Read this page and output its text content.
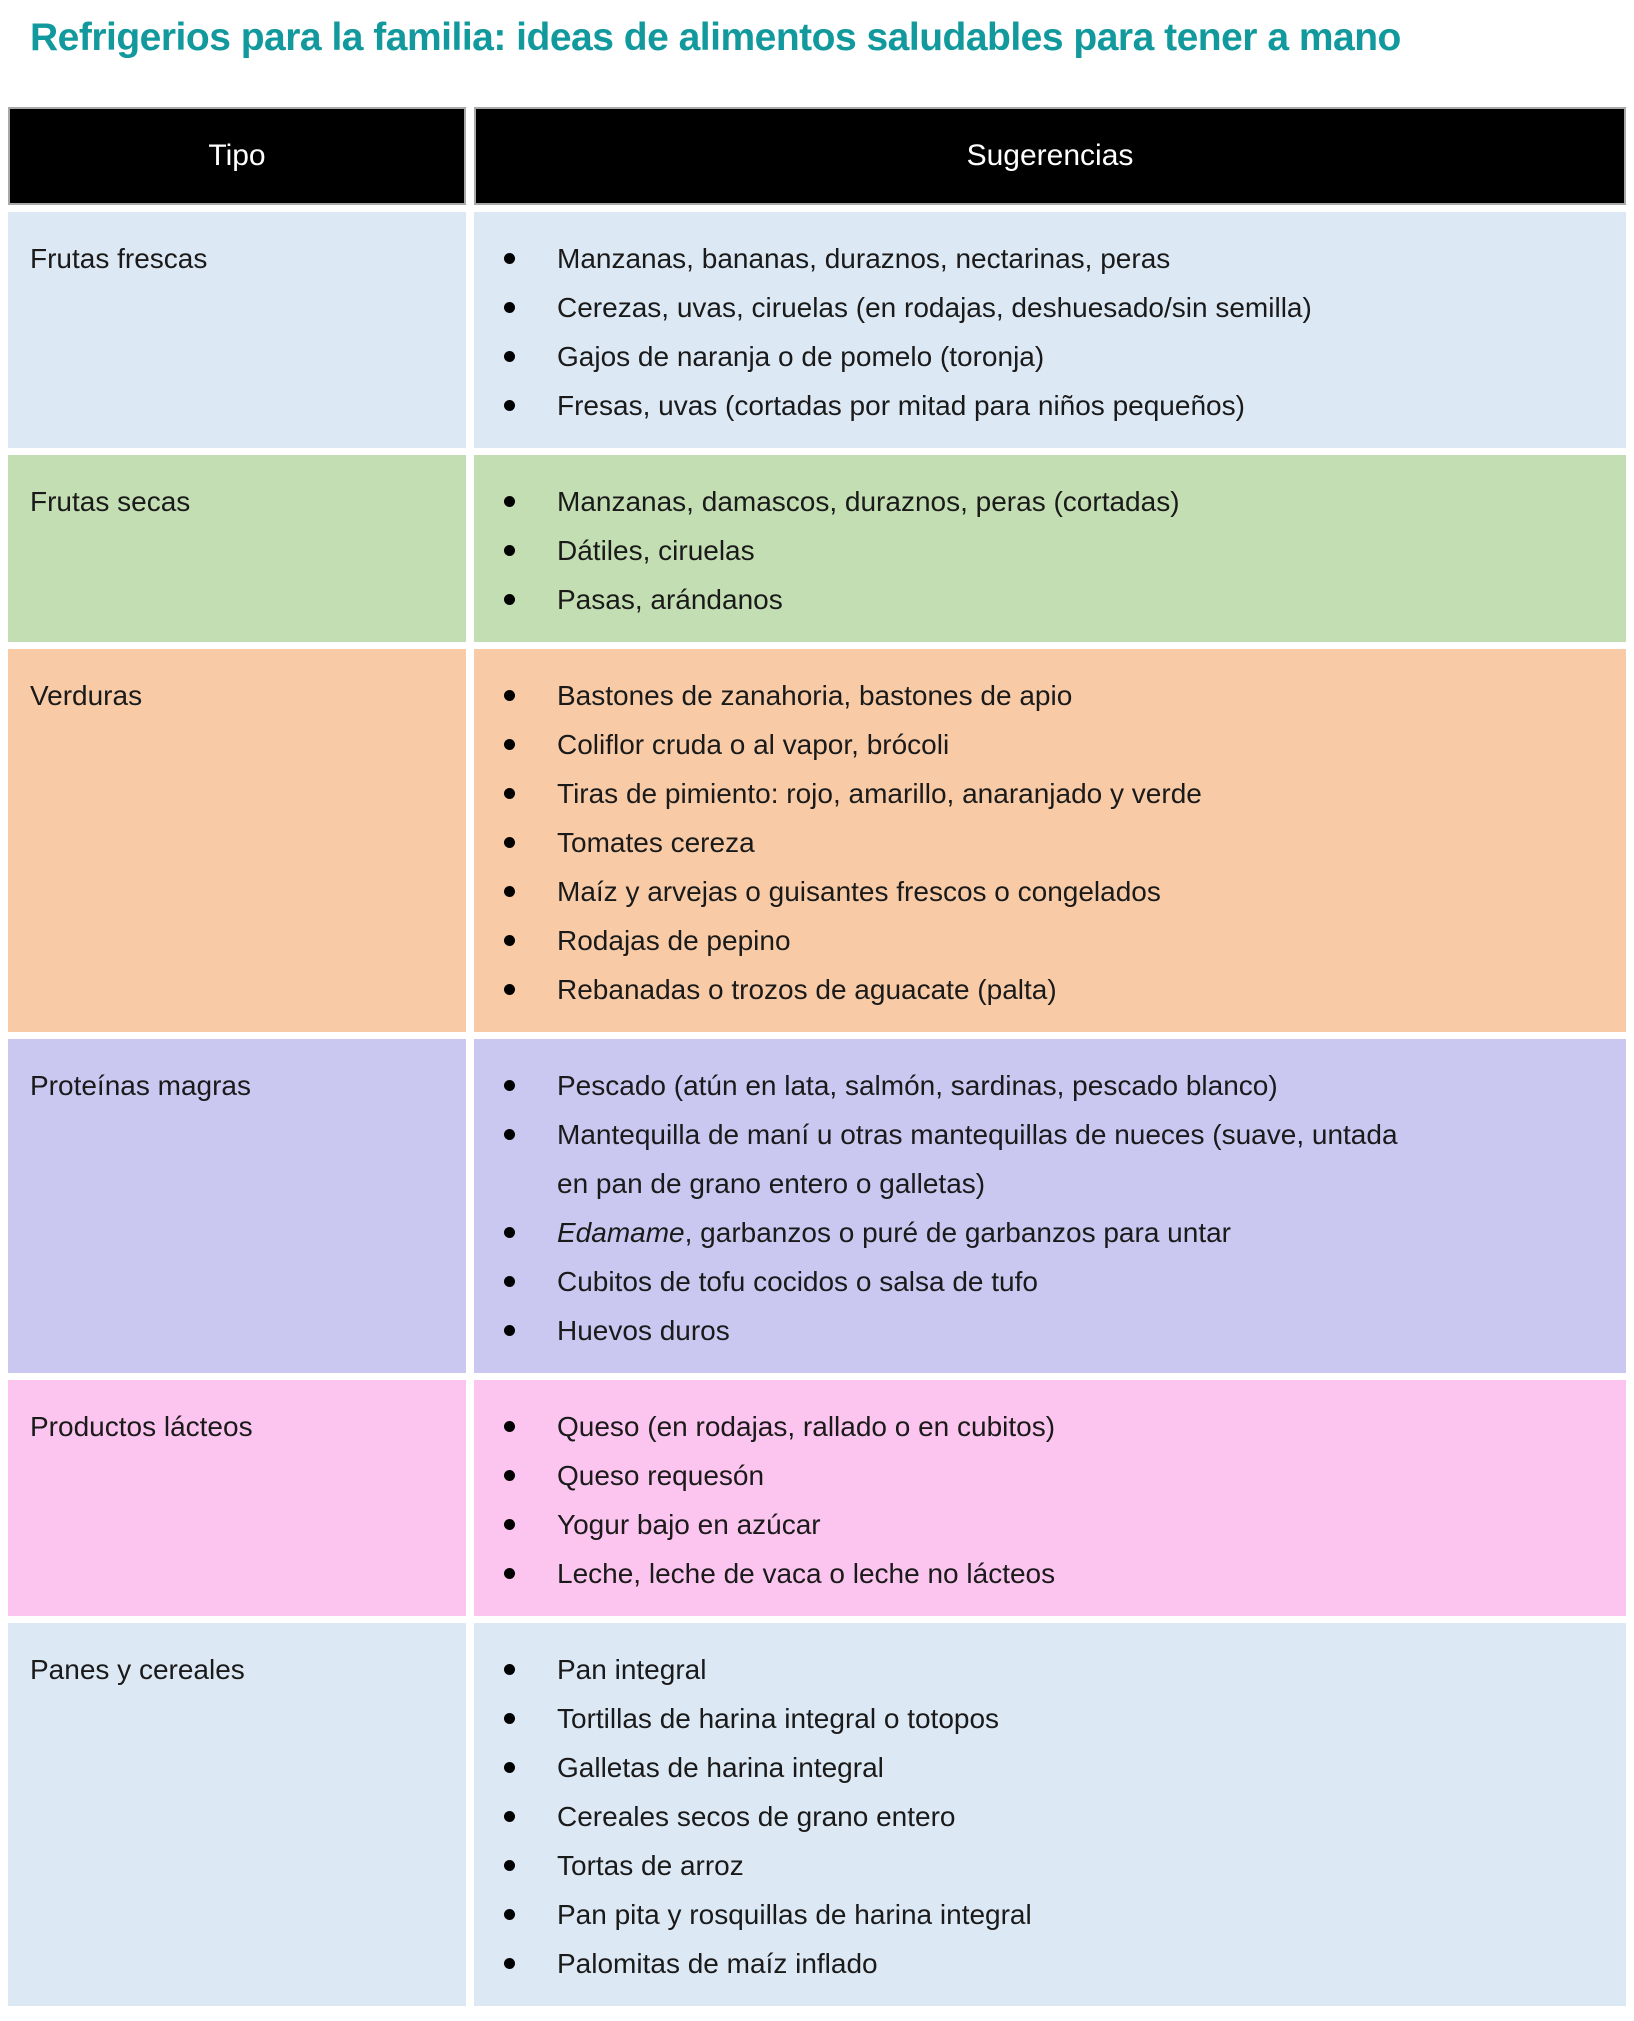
Refrigerios para la familia: ideas de alimentos saludables para tener a mano
Tipo	Sugerencias
Frutas frescas	Manzanas, bananas, duraznos, nectarinas, peras
Cerezas, uvas, ciruelas (en rodajas, deshuesado/sin semilla)
Gajos de naranja o de pomelo (toronja)
Fresas, uvas (cortadas por mitad para niños pequeños)

Frutas secas	Manzanas, damascos, duraznos, peras (cortadas)
Dátiles, ciruelas
Pasas, arándanos

Verduras	Bastones de zanahoria, bastones de apio
Coliflor cruda o al vapor, brócoli
Tiras de pimiento: rojo, amarillo, anaranjado y verde
Tomates cereza
Maíz y arvejas o guisantes frescos o congelados
Rodajas de pepino
Rebanadas o trozos de aguacate (palta)

Proteínas magras	Pescado (atún en lata, salmón, sardinas, pescado blanco)
Mantequilla de maní u otras mantequillas de nueces (suave, untada en pan de grano entero o galletas)
Edamame, garbanzos o puré de garbanzos para untar
Cubitos de tofu cocidos o salsa de tufo
Huevos duros

Productos lácteos	Queso (en rodajas, rallado o en cubitos)
Queso requesón
Yogur bajo en azúcar
Leche, leche de vaca o leche no lácteos

Panes y cereales	Pan integral
Tortillas de harina integral o totopos
Galletas de harina integral
Cereales secos de grano entero
Tortas de arroz
Pan pita y rosquillas de harina integral
Palomitas de maíz inflado
